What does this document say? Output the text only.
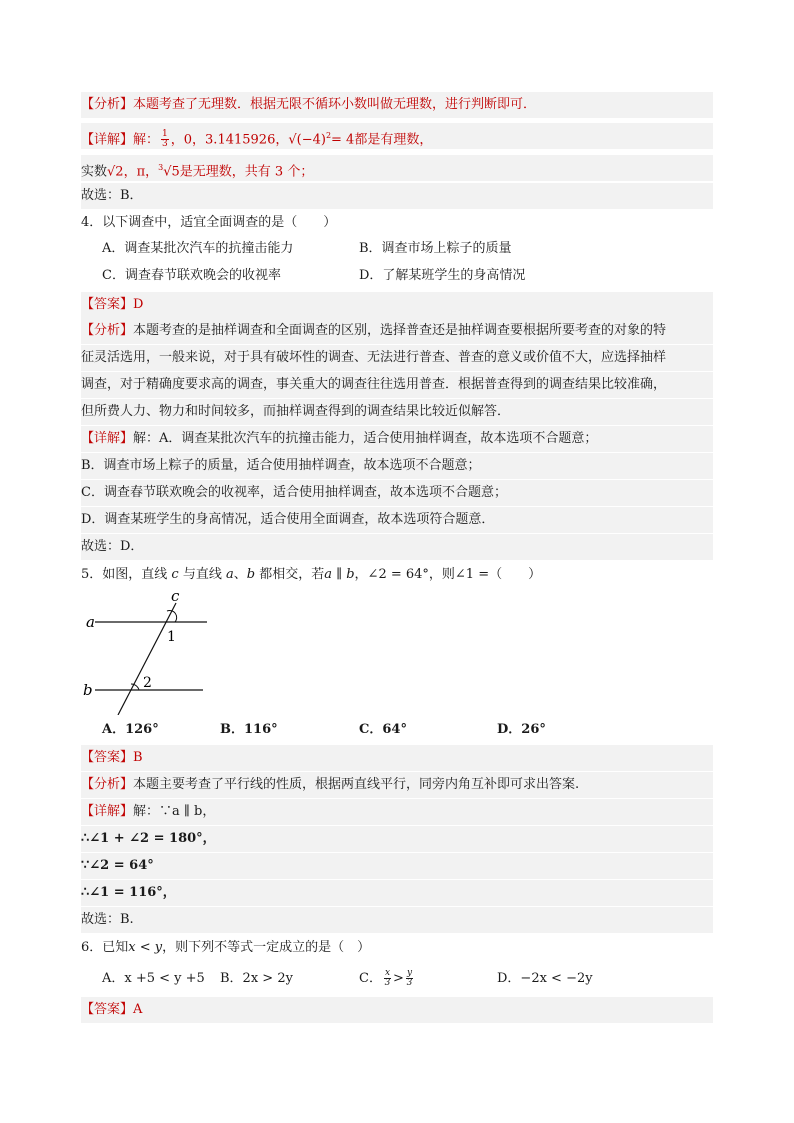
【分析】本题考查了无理数．根据无限不循环小数叫做无理数，进行判断即可．
【详解】解： $\frac{1}{3}$ ，0，3.1415926，$√(-4)^2= 4$都是有理数，
实数√2，π，$^3$√5是无理数，共有 3 个；
故选：B．
4．以下调查中，适宜全面调查的是（　　）
A．调查某批次汽车的抗撞击能力	B．调查市场上粽子的质量
C．调查春节联欢晚会的收视率	D．了解某班学生的身高情况
【答案】D
【分析】本题考查的是抽样调查和全面调查的区别，选择普查还是抽样调查要根据所要考查的对象的特
征灵活选用，一般来说，对于具有破坏性的调查、无法进行普查、普查的意义或价值不大，应选择抽样
调查，对于精确度要求高的调查，事关重大的调查往往选用普查．根据普查得到的调查结果比较准确，
但所费人力、物力和时间较多，而抽样调查得到的调查结果比较近似解答．
【详解】解：A．调查某批次汽车的抗撞击能力，适合使用抽样调查，故本选项不合题意；
B．调查市场上粽子的质量，适合使用抽样调查，故本选项不合题意；
C．调查春节联欢晚会的收视率，适合使用抽样调查，故本选项不合题意；
D．调查某班学生的身高情况，适合使用全面调查，故本选项符合题意．
故选：D．
5．如图，直线 c 与直线 a、b 都相交，若a ∥ b，∠2 = 64°，则∠1 =（　　）
a
b
c
1
2
A．126°	B．116°	C．64°	D．26°
【答案】B
【分析】本题主要考查了平行线的性质，根据两直线平行，同旁内角互补即可求出答案.
【详解】解：∵a ∥ b，
∴∠1 + ∠2 = 180°，
∵∠2 = 64°
∴∠1 = 116°，
故选：B.
6．已知x < y，则下列不等式一定成立的是（　）
A．x +5 < y +5 B．2x > 2y	C． $\frac{x}{3} > \frac{y}{3}$	D．−2x < −2y
【答案】A
